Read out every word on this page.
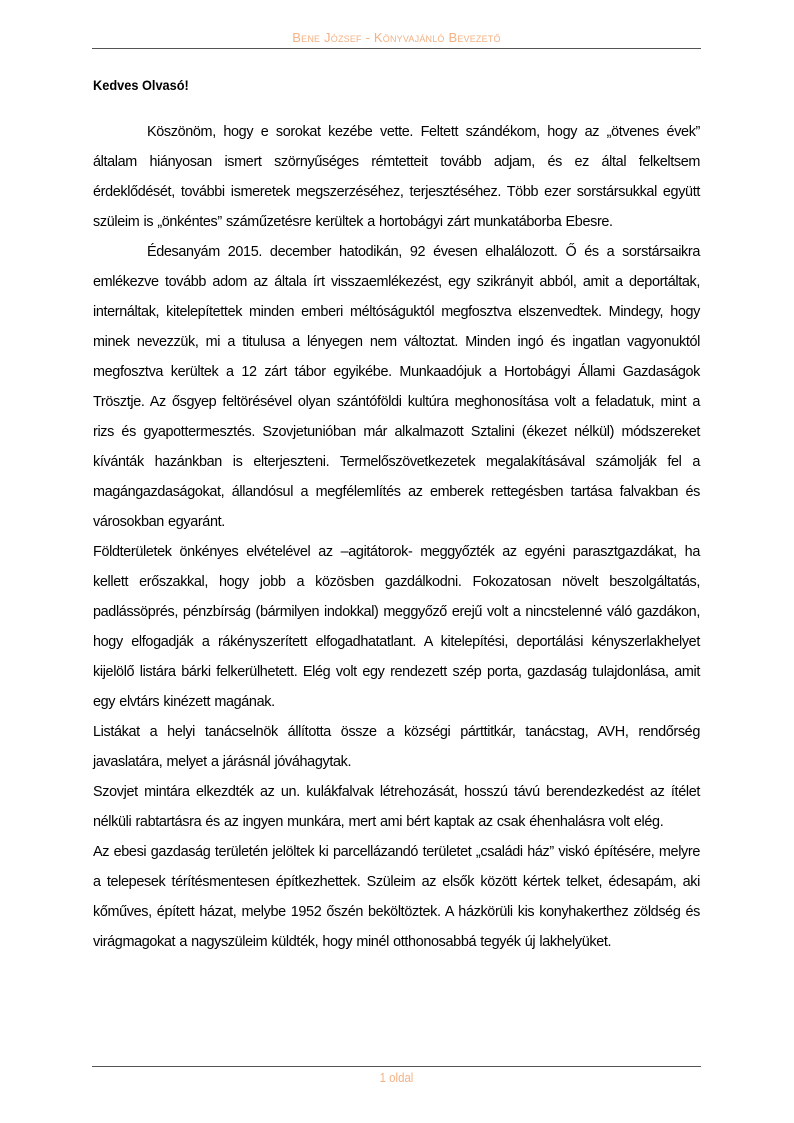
Bene József - Könyvajánló Bevezető

Kedves Olvasó!

Köszönöm, hogy e sorokat kezébe vette. Feltett szándékom, hogy az „ötvenes évek” általam hiányosan ismert szörnyűséges rémtetteit tovább adjam, és ez által felkeltsem érdeklődését, további ismeretek megszerzéséhez, terjesztéséhez. Több ezer sorstársukkal együtt szüleim is „önkéntes” száműzetésre kerültek a hortobágyi zárt munkatáborba Ebesre.

Édesanyám 2015. december hatodikán, 92 évesen elhalálozott. Ő és a sorstársaikra emlékezve tovább adom az általa írt visszaemlékezést, egy szikrányit abból, amit a deportáltak, internáltak, kitelepítettek minden emberi méltóságuktól megfosztva elszenvedtek. Mindegy, hogy minek nevezzük, mi a titulusa a lényegen nem változtat. Minden ingó és ingatlan vagyonuktól megfosztva kerültek a 12 zárt tábor egyikébe. Munkaadójuk a Hortobágyi Állami Gazdaságok Trösztje. Az ősgyep feltörésével olyan szántóföldi kultúra meghonosítása volt a feladatuk, mint a rizs és gyapottermesztés. Szovjetunióban már alkalmazott Sztalini (ékezet nélkül) módszereket kívánták hazánkban is elterjeszteni. Termelőszövetkezetek megalakításával számolják fel a magángazdaságokat, állandósul a megfélemlítés az emberek rettegésben tartása falvakban és városokban egyaránt.

Földterületek önkényes elvételével az –agitátorok- meggyőzték az egyéni parasztgazdákat, ha kellett erőszakkal, hogy jobb a közösben gazdálkodni. Fokozatosan növelt beszolgáltatás, padlássöprés, pénzbírság (bármilyen indokkal) meggyőző erejű volt a nincstelenné váló gazdákon, hogy elfogadják a rákényszerített elfogadhatatlant. A kitelepítési, deportálási kényszerlakhelyet kijelölő listára bárki felkerülhetett. Elég volt egy rendezett szép porta, gazdaság tulajdonlása, amit egy elvtárs kinézett magának.

Listákat a helyi tanácselnök állította össze a községi párttitkár, tanácstag, AVH, rendőrség javaslatára, melyet a járásnál jóváhagytak.

Szovjet mintára elkezdték az un. kulákfalvak létrehozását, hosszú távú berendezkedést az ítélet nélküli rabtartásra és az ingyen munkára, mert ami bért kaptak az csak éhenhalásra volt elég.

Az ebesi gazdaság területén jelöltek ki parcellázandó területet „családi ház” viskó építésére, melyre a telepesek térítésmentesen építkezhettek. Szüleim az elsők között kértek telket, édesapám, aki kőműves, épített házat, melybe 1952 őszén beköltöztek. A házkörüli kis konyhakerthez zöldség és virágmagokat a nagyszüleim küldték, hogy minél otthonosabbá tegyék új lakhelyüket.

1 oldal
